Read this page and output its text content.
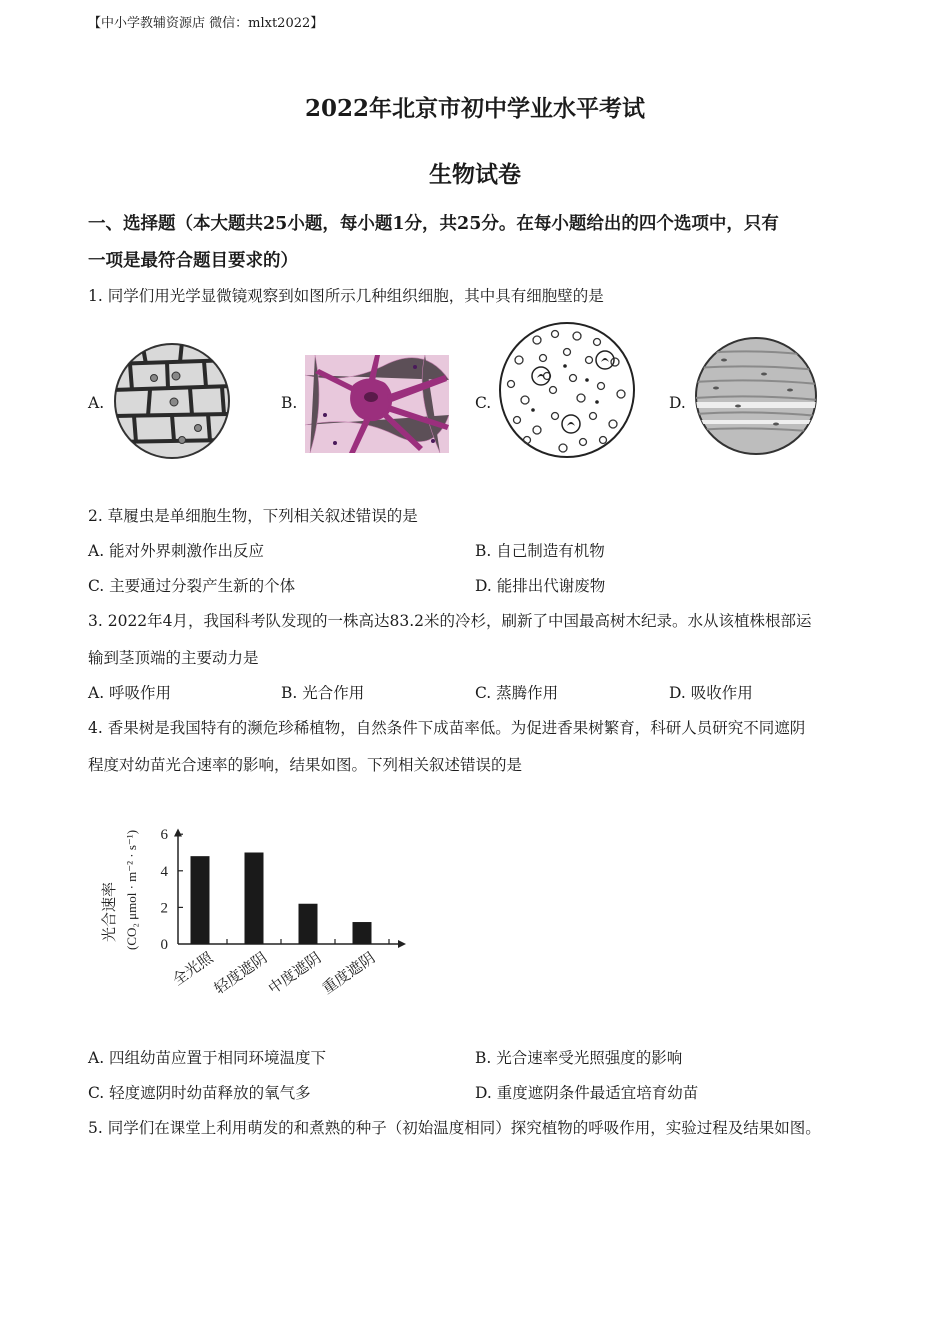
【中小学教辅资源店 微信：mlxt2022】
2022年北京市初中学业水平考试
生物试卷
一、选择题（本大题共25小题，每小题1分，共25分。在每小题给出的四个选项中，只有
一项是最符合题目要求的）
1. 同学们用光学显微镜观察到如图所示几种组织细胞，其中具有细胞壁的是
A.	B.	C.	D.
2. 草履虫是单细胞生物，下列相关叙述错误的是
A. 能对外界刺激作出反应	B. 自己制造有机物
C. 主要通过分裂产生新的个体	D. 能排出代谢废物
3. 2022年4月，我国科考队发现的一株高达83.2米的冷杉，刷新了中国最高树木纪录。水从该植株根部运
输到茎顶端的主要动力是
A. 呼吸作用	B. 光合作用	C. 蒸腾作用	D. 吸收作用
4. 香果树是我国特有的濒危珍稀植物，自然条件下成苗率低。为促进香果树繁育，科研人员研究不同遮阴
程度对幼苗光合速率的影响，结果如图。下列相关叙述错误的是
光合速率 (CO₂ μmol · m⁻² · s⁻¹) 0
2
4
6
全光照
轻度遮阴
中度遮阴
重度遮阴
A. 四组幼苗应置于相同环境温度下	B. 光合速率受光照强度的影响
C. 轻度遮阴时幼苗释放的氧气多	D. 重度遮阴条件最适宜培育幼苗
5. 同学们在课堂上利用萌发的和煮熟的种子（初始温度相同）探究植物的呼吸作用，实验过程及结果如图。
